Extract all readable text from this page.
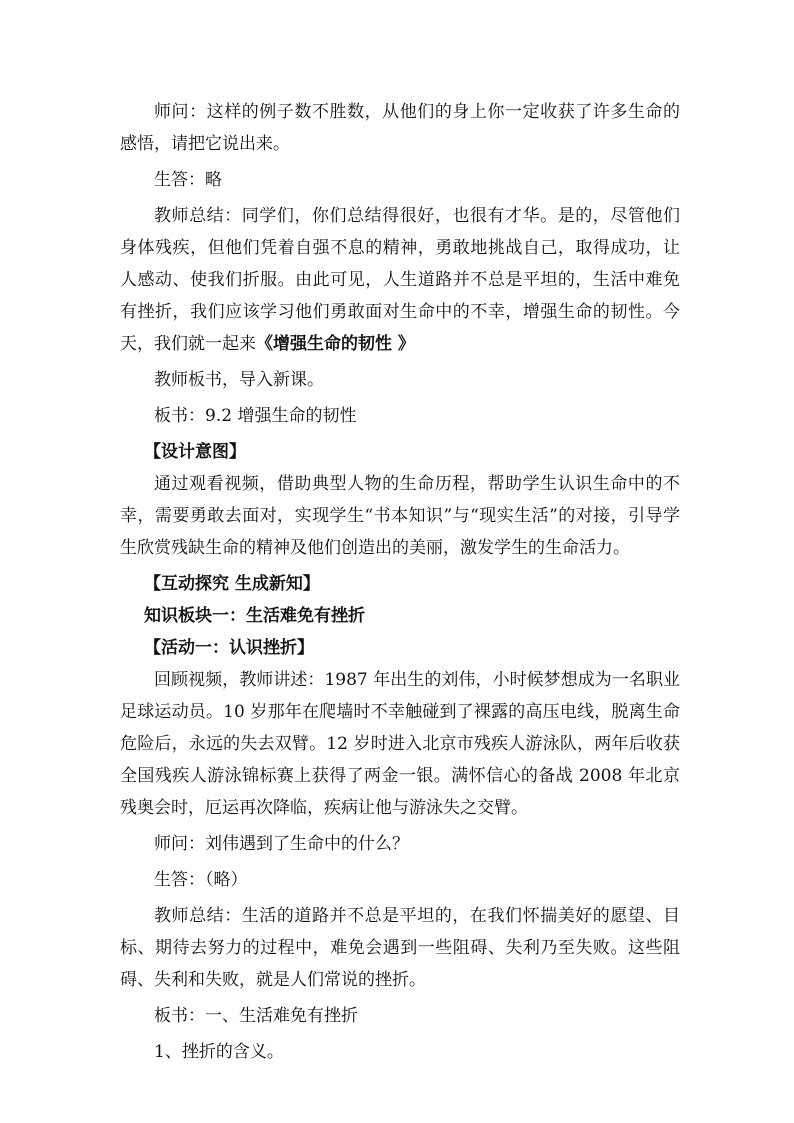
师问：这样的例子数不胜数，从他们的身上你一定收获了许多生命的感悟，请把它说出来。

生答：略

教师总结：同学们，你们总结得很好，也很有才华。是的，尽管他们身体残疾，但他们凭着自强不息的精神，勇敢地挑战自己，取得成功，让人感动、使我们折服。由此可见，人生道路并不总是平坦的，生活中难免有挫折，我们应该学习他们勇敢面对生命中的不幸，增强生命的韧性。今天，我们就一起来《增强生命的韧性 》

教师板书，导入新课。

板书：9.2 增强生命的韧性

【设计意图】

通过观看视频，借助典型人物的生命历程，帮助学生认识生命中的不幸，需要勇敢去面对，实现学生“书本知识”与“现实生活”的对接，引导学生欣赏残缺生命的精神及他们创造出的美丽，激发学生的生命活力。

【互动探究 生成新知】

知识板块一：生活难免有挫折

【活动一：认识挫折】

回顾视频，教师讲述：1987 年出生的刘伟，小时候梦想成为一名职业足球运动员。10 岁那年在爬墙时不幸触碰到了裸露的高压电线，脱离生命危险后，永远的失去双臂。12 岁时进入北京市残疾人游泳队，两年后收获全国残疾人游泳锦标赛上获得了两金一银。满怀信心的备战 2008 年北京残奥会时，厄运再次降临，疾病让他与游泳失之交臂。

师问：刘伟遇到了生命中的什么？

生答：（略）

教师总结：生活的道路并不总是平坦的，在我们怀揣美好的愿望、目标、期待去努力的过程中，难免会遇到一些阻碍、失利乃至失败。这些阻碍、失利和失败，就是人们常说的挫折。

板书：一、生活难免有挫折

1、挫折的含义。
